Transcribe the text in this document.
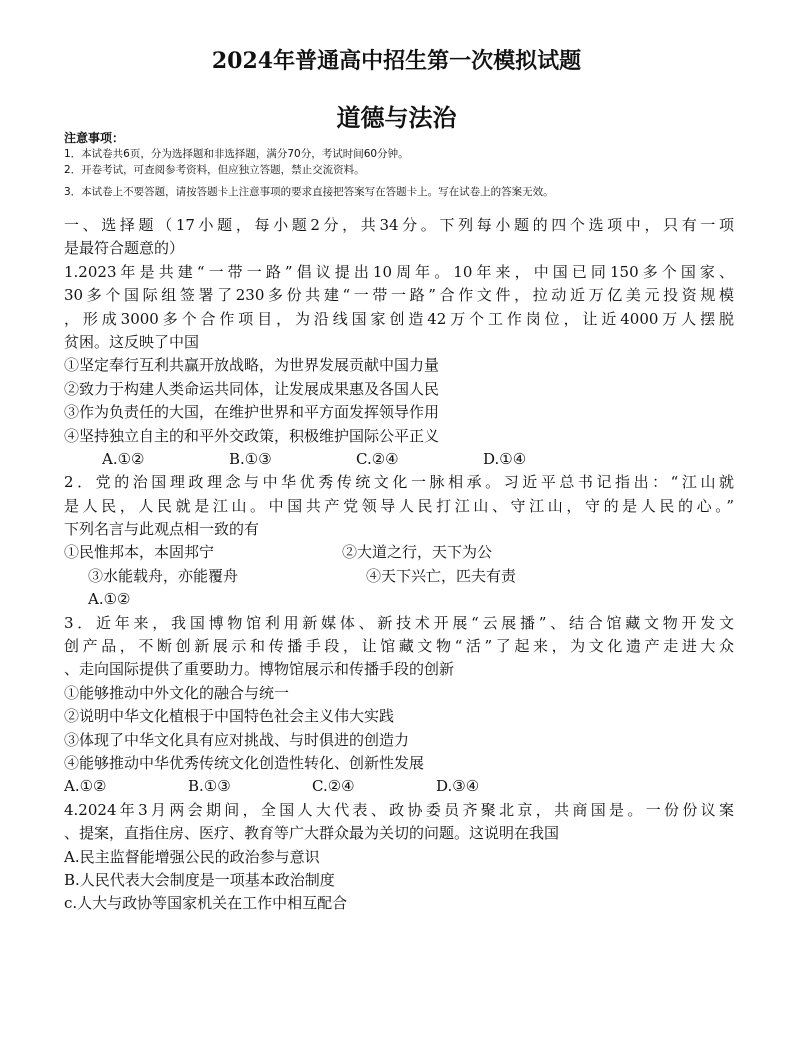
2024年普通高中招生第一次模拟试题
道德与法治
注意事项：
1．本试卷共6页，分为选择题和非选择题，满分70分，考试时间60分钟。
2．开卷考试，可查阅参考资料，但应独立答题，禁止交流资料。
3．本试卷上不要答题，请按答题卡上注意事项的要求直接把答案写在答题卡上。写在试卷上的答案无效。
一、选择题（17小题，每小题2分，共34分。下列每小题的四个选项中，只有一项
是最符合题意的）
1.2023年是共建“一带一路”倡议提出10周年。10年来，中国已同150多个国家、
30多个国际组签署了230多份共建“一带一路”合作文件，拉动近万亿美元投资规模
，形成3000多个合作项目，为沿线国家创造42万个工作岗位，让近4000万人摆脱
贫困。这反映了中国
①坚定奉行互利共赢开放战略，为世界发展贡献中国力量
②致力于构建人类命运共同体，让发展成果惠及各国人民
③作为负责任的大国，在维护世界和平方面发挥领导作用
④坚持独立自主的和平外交政策，积极维护国际公平正义
A.①②	B.①③	C.②④	D.①④
2．党的治国理政理念与中华优秀传统文化一脉相承。习近平总书记指出：“江山就
是人民，人民就是江山。中国共产党领导人民打江山、守江山，守的是人民的心。”
下列名言与此观点相一致的有
①民惟邦本，本固邦宁	②大道之行，天下为公
③水能载舟，亦能覆舟	④天下兴亡，匹夫有责
A.①②
3．近年来，我国博物馆利用新媒体、新技术开展“云展播”、结合馆藏文物开发文
创产品，不断创新展示和传播手段，让馆藏文物“活”了起来，为文化遗产走进大众
、走向国际提供了重要助力。博物馆展示和传播手段的创新
①能够推动中外文化的融合与统一
②说明中华文化植根于中国特色社会主义伟大实践
③体现了中华文化具有应对挑战、与时俱进的创造力
④能够推动中华优秀传统文化创造性转化、创新性发展
A.①②	B.①③	C.②④	D.③④
4.2024年3月两会期间，全国人大代表、政协委员齐聚北京，共商国是。一份份议案
、提案，直指住房、医疗、教育等广大群众最为关切的问题。这说明在我国
A.民主监督能增强公民的政治参与意识
B.人民代表大会制度是一项基本政治制度
c.人大与政协等国家机关在工作中相互配合
